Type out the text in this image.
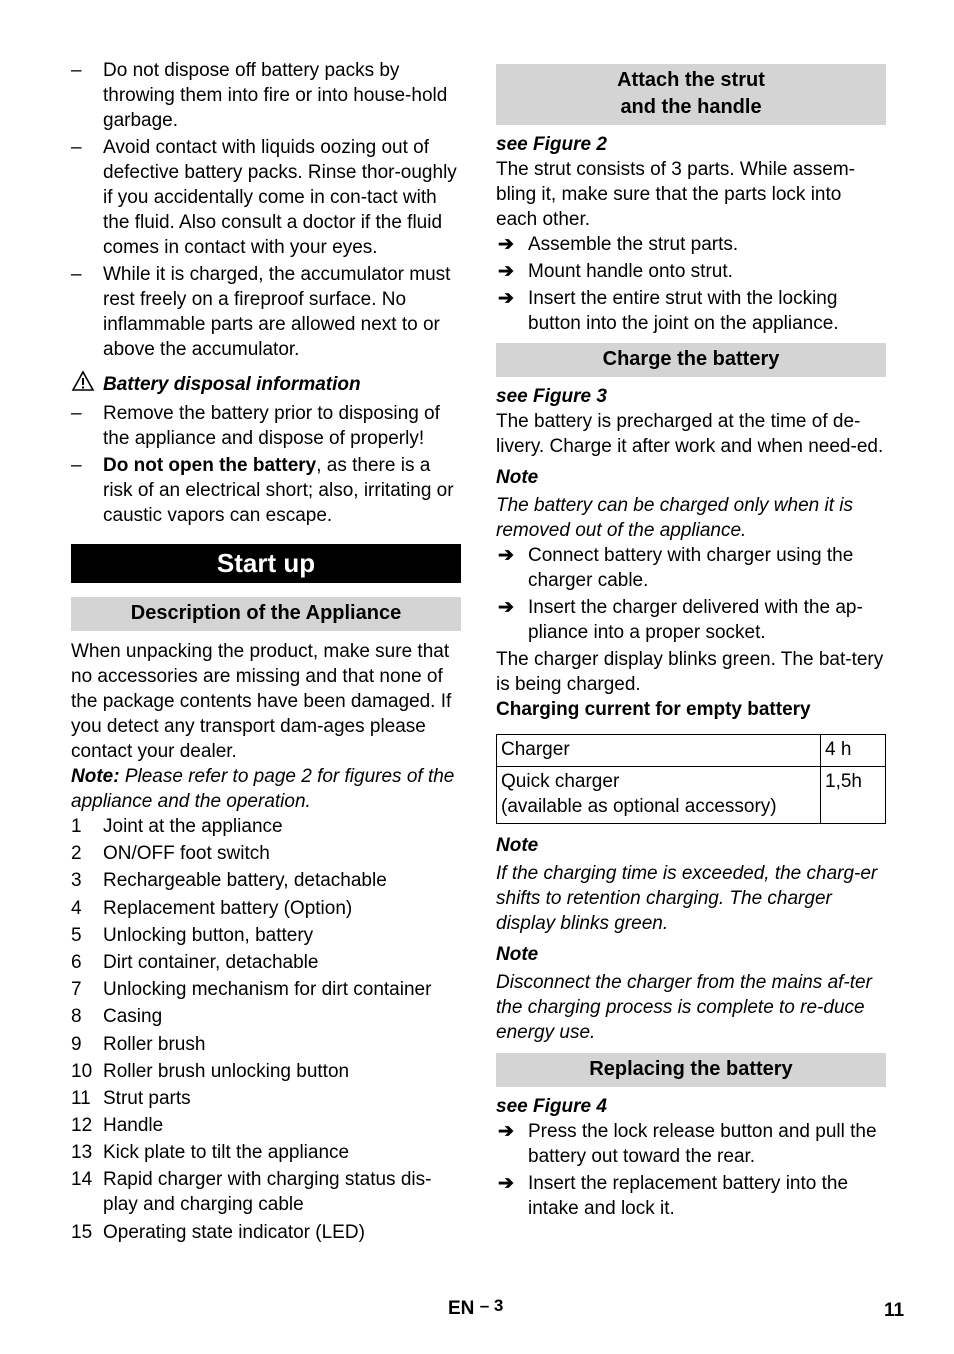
– Do not dispose off battery packs by throwing them into fire or into house-hold garbage.

– Avoid contact with liquids oozing out of defective battery packs. Rinse thor-oughly if you accidentally come in con-tact with the fluid. Also consult a doctor if the fluid comes in contact with your eyes.

– While it is charged, the accumulator must rest freely on a fireproof surface. No inflammable parts are allowed next to or above the accumulator.

Battery disposal information
– Remove the battery prior to disposing of the appliance and dispose of properly!

– Do not open the battery, as there is a risk of an electrical short; also, irritating or caustic vapors can escape.

Start up
Description of the Appliance

When unpacking the product, make sure that no accessories are missing and that none of the package contents have been damaged. If you detect any transport dam-ages please contact your dealer.

Note: Please refer to page 2 for figures of the appliance and the operation.

1 Joint at the appliance
2 ON/OFF foot switch
3 Rechargeable battery, detachable
4 Replacement battery (Option)
5 Unlocking button, battery
6 Dirt container, detachable
7 Unlocking mechanism for dirt container
8 Casing
9 Roller brush
10 Roller brush unlocking button
11 Strut parts
12 Handle
13 Kick plate to tilt the appliance
14 Rapid charger with charging status dis-play and charging cable
15 Operating state indicator (LED)
Attach the strut
and the handle

see Figure 2

The strut consists of 3 parts. While assem-bling it, make sure that the parts lock into each other.

➔ Assemble the strut parts.

➔ Mount handle onto strut.

➔ Insert the entire strut with the locking button into the joint on the appliance.

Charge the battery

see Figure 3

The battery is precharged at the time of de-livery. Charge it after work and when need-ed.

Note

The battery can be charged only when it is removed out of the appliance.

➔ Connect battery with charger using the charger cable.

➔ Insert the charger delivered with the ap-pliance into a proper socket.

The charger display blinks green. The bat-tery is being charged.

Charging current for empty battery

Charger	4 h

Quick charger
(available as optional accessory)	1,5h

Note

If the charging time is exceeded, the charg-er shifts to retention charging. The charger display blinks green.

Note

Disconnect the charger from the mains af-ter the charging process is complete to re-duce energy use.

Replacing the battery

see Figure 4

➔ Press the lock release button and pull the battery out toward the rear.

➔ Insert the replacement battery into the intake and lock it.

EN – 3	11
